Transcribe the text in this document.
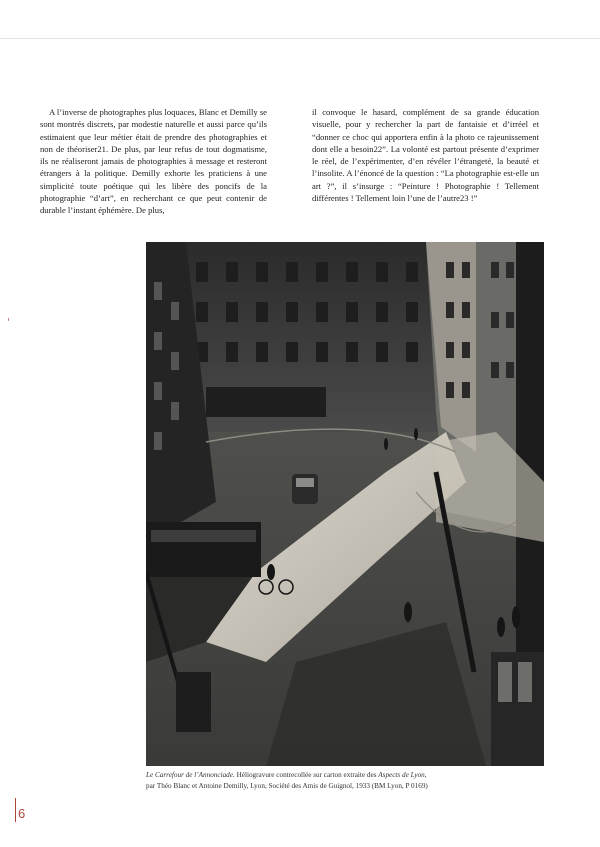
A l’inverse de photographes plus loquaces, Blanc et Demilly se sont montrés discrets, par modestie naturelle et aussi parce qu’ils estimaient que leur métier était de prendre des photographies et non de théoriser21. De plus, par leur refus de tout dogmatisme, ils ne réaliseront jamais de photographies à message et resteront étrangers à la politique. Demilly exhorte les praticiens à une simplicité toute poétique qui les libère des poncifs de la photographie “d’art”, en recherchant ce que peut contenir de durable l’instant éphémère. De plus,
il convoque le hasard, complément de sa grande éducation visuelle, pour y rechercher la part de fantaisie et d’irréel et “donner ce choc qui apportera enfin à la photo ce rajeunissement dont elle a besoin22”. La volonté est partout présente d’exprimer le réel, de l’expérimenter, d’en révéler l’étrangeté, la beauté et l’insolite. A l’énoncé de la question : “La photographie est-elle un art ?”, il s’insurge : “Peinture ! Photographie ! Tellement différentes ! Tellement loin l’une de l’autre23 !”
Le Carrefour de l’Annonciade. Héliogravure contrecollée sur carton extraite des Aspects de Lyon,
par Théo Blanc et Antoine Demilly, Lyon, Société des Amis de Guignol, 1933 (BM Lyon, P 0169)
6
